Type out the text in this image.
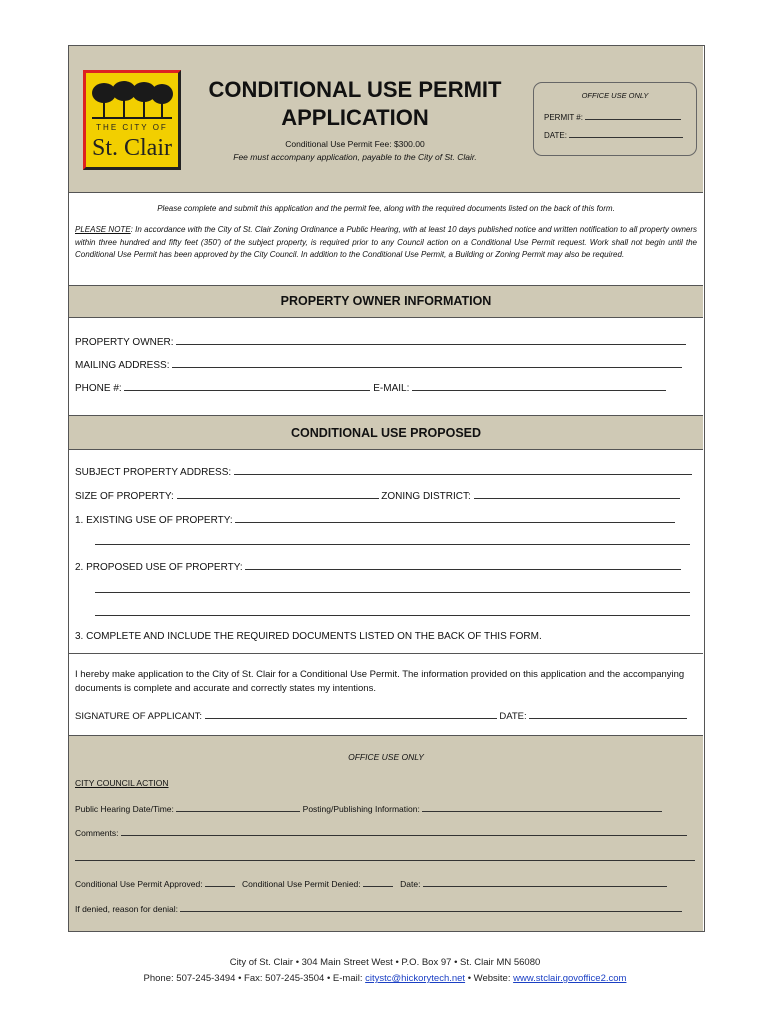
THE CITY OF
St. Clair
CONDITIONAL USE PERMIT
APPLICATION
Conditional Use Permit Fee: $300.00
Fee must accompany application, payable to the City of St. Clair.
OFFICE USE ONLY
PERMIT #:
DATE:
Please complete and submit this application and the permit fee, along with the required documents listed on the back of this form.
PLEASE NOTE: In accordance with the City of St. Clair Zoning Ordinance a Public Hearing, with at least 10 days published notice and written notification to all property owners within three hundred and fifty feet (350') of the subject property, is required prior to any Council action on a Conditional Use Permit request. Work shall not begin until the Conditional Use Permit has been approved by the City Council. In addition to the Conditional Use Permit, a Building or Zoning Permit may also be required.
PROPERTY OWNER INFORMATION
PROPERTY OWNER:
MAILING ADDRESS:
PHONE #:	E-MAIL:
CONDITIONAL USE PROPOSED
SUBJECT PROPERTY ADDRESS:
SIZE OF PROPERTY:	ZONING DISTRICT:
1. EXISTING USE OF PROPERTY:
2. PROPOSED USE OF PROPERTY:
3. COMPLETE AND INCLUDE THE REQUIRED DOCUMENTS LISTED ON THE BACK OF THIS FORM.
I hereby make application to the City of St. Clair for a Conditional Use Permit. The information provided on this application and the accompanying documents is complete and accurate and correctly states my intentions.
SIGNATURE OF APPLICANT:	DATE:
OFFICE USE ONLY
CITY COUNCIL ACTION
Public Hearing Date/Time:	Posting/Publishing Information:
Comments:
Conditional Use Permit Approved:	Conditional Use Permit Denied:	Date:
If denied, reason for denial:
City of St. Clair • 304 Main Street West • P.O. Box 97 • St. Clair MN 56080
Phone: 507-245-3494 • Fax: 507-245-3504 • E-mail: citystc@hickorytech.net • Website: www.stclair.govoffice2.com
